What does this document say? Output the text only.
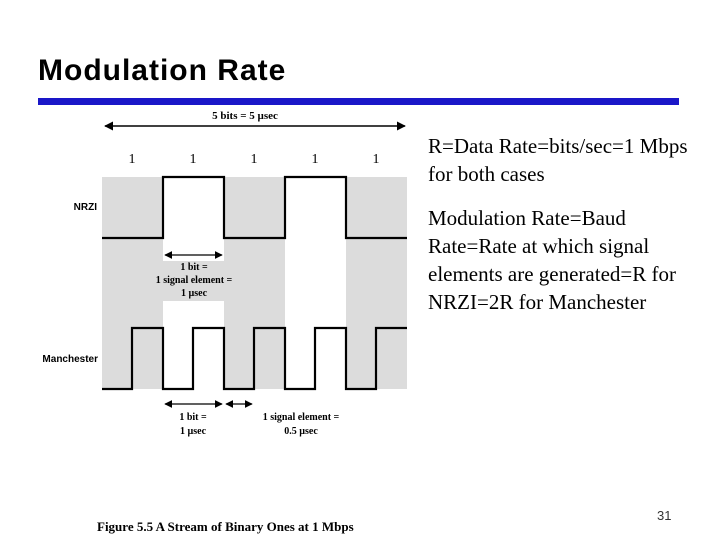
Modulation Rate
5 bits = 5 µsec
1	1	1	1	1
NRZI
Manchester
1 bit =
1 signal element =
1 µsec
1 bit =
1 µsec
1 signal element =
0.5 µsec
Figure 5.5 A Stream of Binary Ones at 1 Mbps

R=Data Rate=bits/sec=1 Mbps for both cases

Modulation Rate=Baud Rate=Rate at which signal elements are generated=R for NRZI=2R for Manchester

31
